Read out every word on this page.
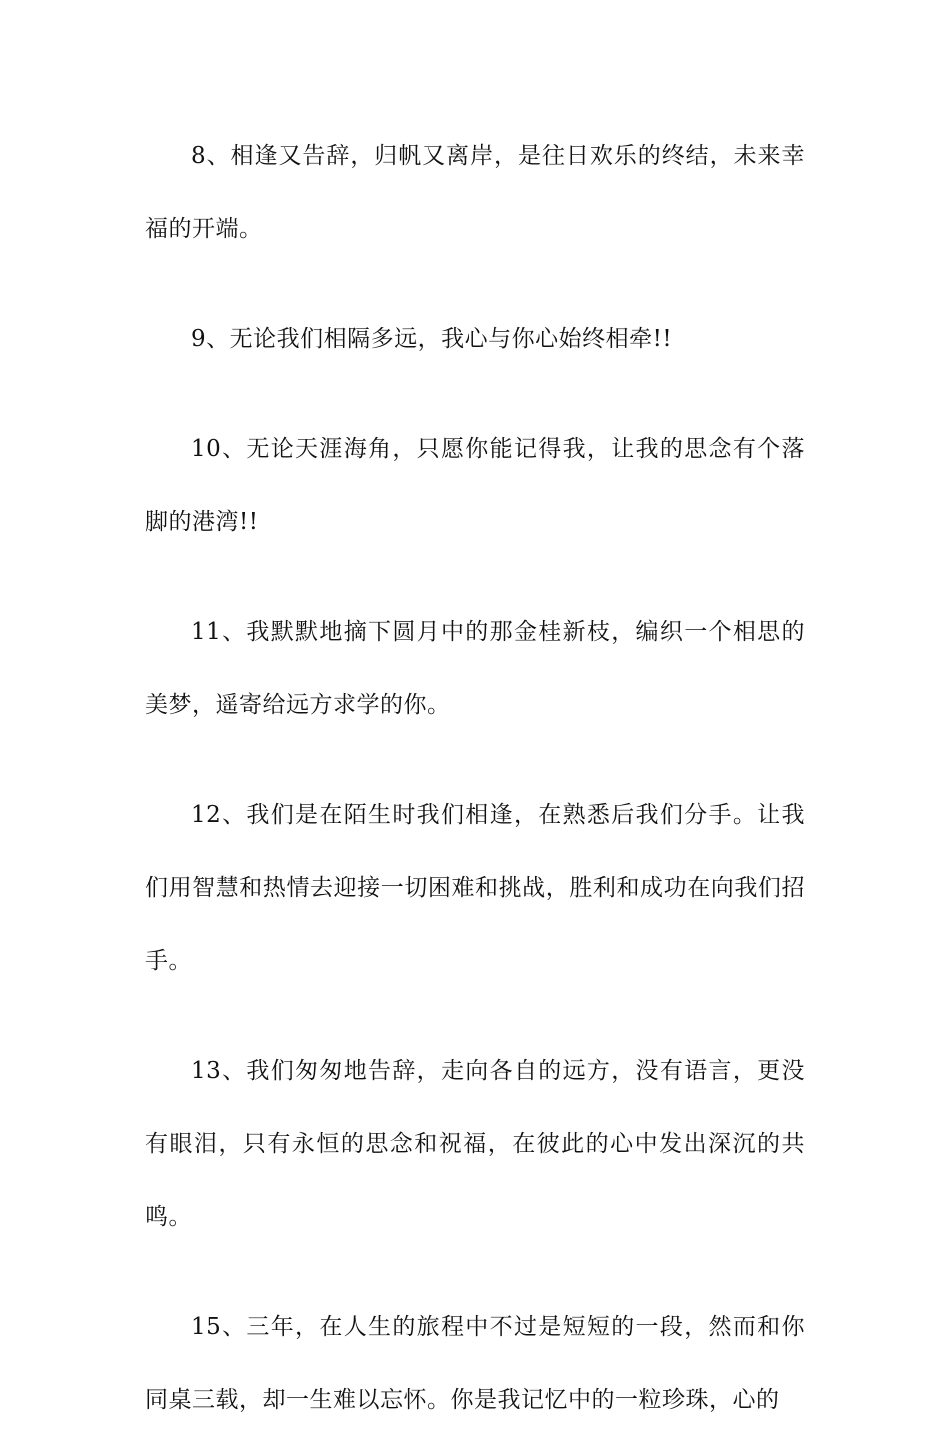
8、相逢又告辞，归帆又离岸，是往日欢乐的终结，未来幸福的开端。

9、无论我们相隔多远，我心与你心始终相牵!!

10、无论天涯海角，只愿你能记得我，让我的思念有个落脚的港湾!!

11、我默默地摘下圆月中的那金桂新枝，编织一个相思的美梦，遥寄给远方求学的你。

12、我们是在陌生时我们相逢，在熟悉后我们分手。让我们用智慧和热情去迎接一切困难和挑战，胜利和成功在向我们招手。

13、我们匆匆地告辞，走向各自的远方，没有语言，更没有眼泪，只有永恒的思念和祝福，在彼此的心中发出深沉的共鸣。

15、三年，在人生的旅程中不过是短短的一段，然而和你同桌三载，却一生难以忘怀。你是我记忆中的一粒珍珠，心的
